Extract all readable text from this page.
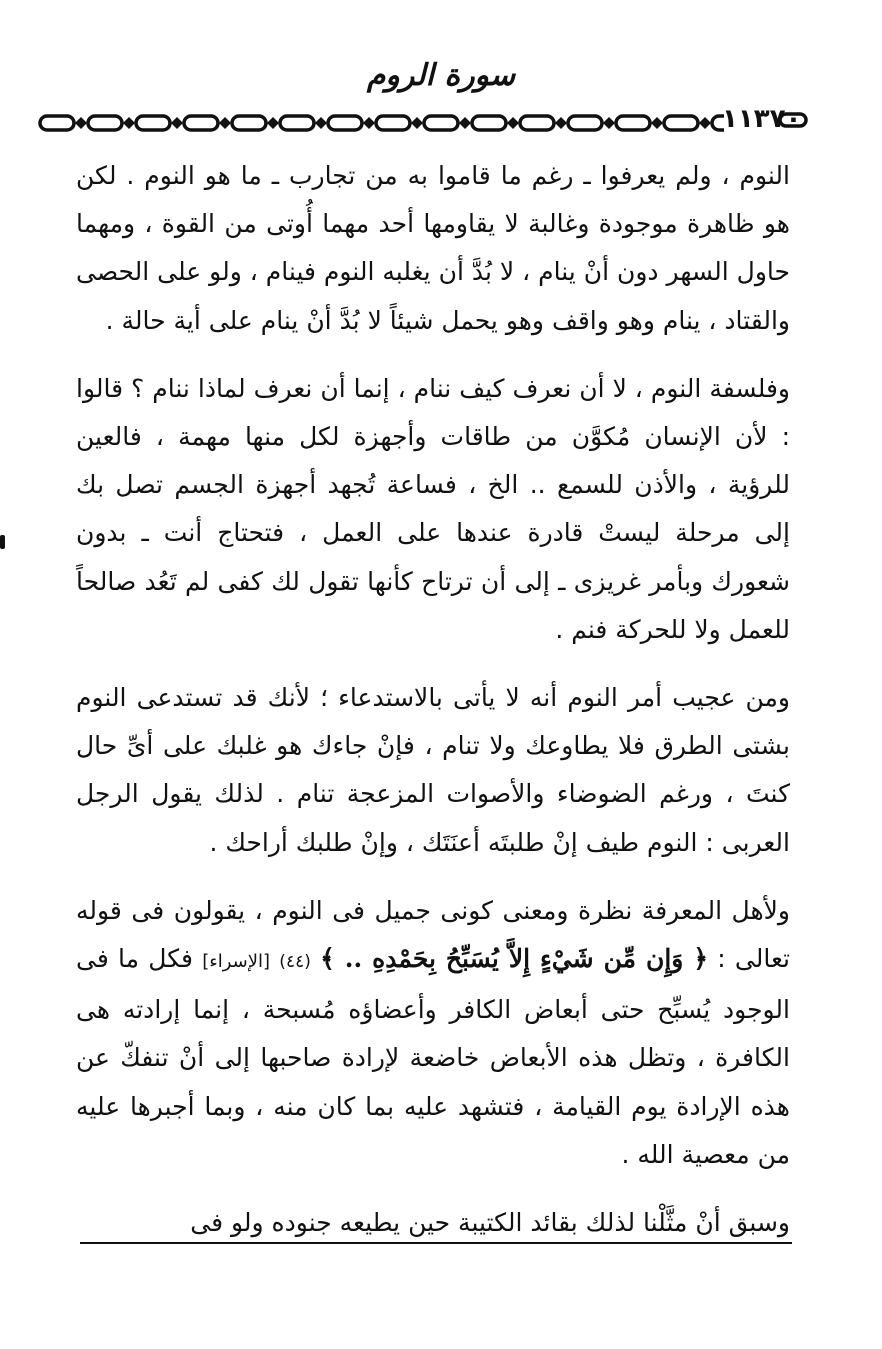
سورة الروم
١١٣٧٠

النوم ، ولم يعرفوا ـ رغم ما قاموا به من تجارب ـ ما هو النوم . لكن هو ظاهرة موجودة وغالبة لا يقاومها أحد مهما أُوتى من القوة ، ومهما حاول السهر دون أنْ ينام ، لا بُدَّ أن يغلبه النوم فينام ، ولو على الحصى والقتاد ، ينام وهو واقف وهو يحمل شيئاً لا بُدَّ أنْ ينام على أية حالة .

وفلسفة النوم ، لا أن نعرف كيف ننام ، إنما أن نعرف لماذا ننام ؟ قالوا : لأن الإنسان مُكوَّن من طاقات وأجهزة لكل منها مهمة ، فالعين للرؤية ، والأذن للسمع .. الخ ، فساعة تُجهد أجهزة الجسم تصل بك إلى مرحلة ليستْ قادرة عندها على العمل ، فتحتاج أنت ـ بدون شعورك وبأمر غريزى ـ إلى أن ترتاح كأنها تقول لك كفى لم تَعُد صالحاً للعمل ولا للحركة فنم .

ومن عجيب أمر النوم أنه لا يأتى بالاستدعاء ؛ لأنك قد تستدعى النوم بشتى الطرق فلا يطاوعك ولا تنام ، فإنْ جاءك هو غلبك على أىِّ حال كنتَ ، ورغم الضوضاء والأصوات المزعجة تنام . لذلك يقول الرجل العربى : النوم طيف إنْ طلبتَه أعنَتَك ، وإنْ طلبك أراحك .

ولأهل المعرفة نظرة ومعنى كونى جميل فى النوم ، يقولون فى قوله تعالى : ﴿ وَإِن مِّن شَيْءٍ إِلاَّ يُسَبِّحُ بِحَمْدِهِ .. ﴾ (٤٤) [الإسراء] فكل ما فى الوجود يُسبِّح حتى أبعاض الكافر وأعضاؤه مُسبحة ، إنما إرادته هى الكافرة ، وتظل هذه الأبعاض خاضعة لإرادة صاحبها إلى أنْ تنفكّ عن هذه الإرادة يوم القيامة ، فتشهد عليه بما كان منه ، وبما أجبرها عليه من معصية الله .

وسبق أنْ مثَّلْنا لذلك بقائد الكتيبة حين يطيعه جنوده ولو فى
